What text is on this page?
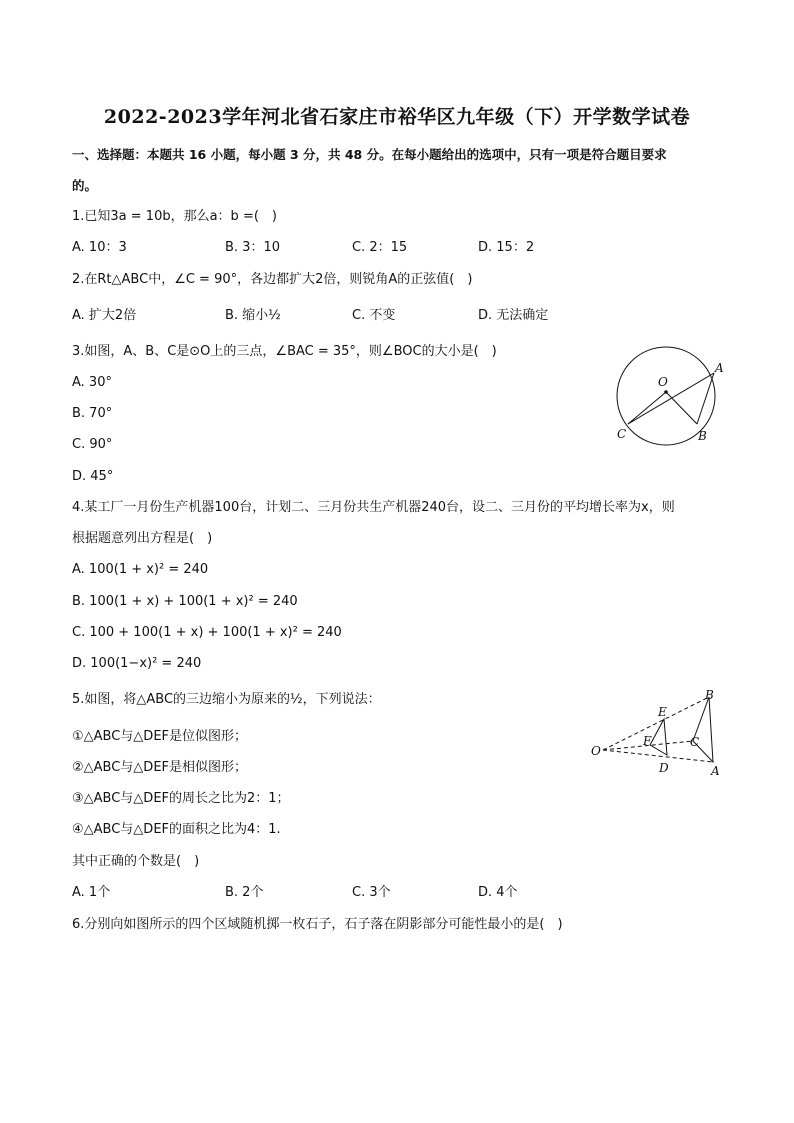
2022-2023学年河北省石家庄市裕华区九年级（下）开学数学试卷
一、选择题：本题共 16 小题，每小题 3 分，共 48 分。在每小题给出的选项中，只有一项是符合题目要求
的。
1.已知3a = 10b，那么a：b =(　)
A. 10：3	B. 3：10	C. 2：15	D. 15：2
2.在Rt△ABC中，∠C = 90°，各边都扩大2倍，则锐角A的正弦值(　)
A. 扩大2倍	B. 缩小½	C. 不变	D. 无法确定
3.如图，A、B、C是⊙O上的三点，∠BAC = 35°，则∠BOC的大小是(　)
A. 30°
B. 70°
C. 90°
D. 45°
O
A
B
C
4.某工厂一月份生产机器100台，计划二、三月份共生产机器240台，设二、三月份的平均增长率为x，则
根据题意列出方程是(　)
A. 100(1 + x)² = 240
B. 100(1 + x) + 100(1 + x)² = 240
C. 100 + 100(1 + x) + 100(1 + x)² = 240
D. 100(1−x)² = 240
5.如图，将△ABC的三边缩小为原来的½，下列说法：
①△ABC与△DEF是位似图形；
②△ABC与△DEF是相似图形；
③△ABC与△DEF的周长之比为2：1；
④△ABC与△DEF的面积之比为4：1.
其中正确的个数是(　)
A. 1个	B. 2个	C. 3个	D. 4个
O
E
F
D
B
C
A
6.分别向如图所示的四个区域随机掷一枚石子，石子落在阴影部分可能性最小的是(　)
